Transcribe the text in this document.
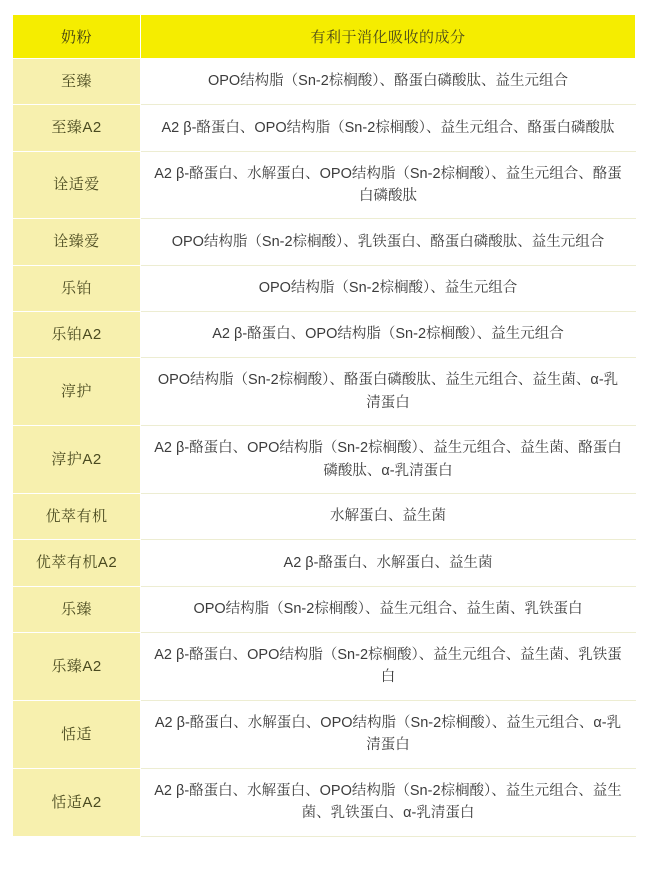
奶粉	有利于消化吸收的成分
至臻	OPO结构脂（Sn-2棕榈酸）、酪蛋白磷酸肽、益生元组合
至臻A2	A2 β-酪蛋白、OPO结构脂（Sn-2棕榈酸）、益生元组合、酪蛋白磷酸肽
诠适爱	A2 β-酪蛋白、水解蛋白、OPO结构脂（Sn-2棕榈酸）、益生元组合、酪蛋白磷酸肽
诠臻爱	OPO结构脂（Sn-2棕榈酸）、乳铁蛋白、酪蛋白磷酸肽、益生元组合
乐铂	OPO结构脂（Sn-2棕榈酸）、益生元组合
乐铂A2	A2 β-酪蛋白、OPO结构脂（Sn-2棕榈酸）、益生元组合
淳护	OPO结构脂（Sn-2棕榈酸）、酪蛋白磷酸肽、益生元组合、益生菌、α-乳清蛋白
淳护A2	A2 β-酪蛋白、OPO结构脂（Sn-2棕榈酸）、益生元组合、益生菌、酪蛋白磷酸肽、α-乳清蛋白
优萃有机	水解蛋白、益生菌
优萃有机A2	A2 β-酪蛋白、水解蛋白、益生菌
乐臻	OPO结构脂（Sn-2棕榈酸）、益生元组合、益生菌、乳铁蛋白
乐臻A2	A2 β-酪蛋白、OPO结构脂（Sn-2棕榈酸）、益生元组合、益生菌、乳铁蛋白
恬适	A2 β-酪蛋白、水解蛋白、OPO结构脂（Sn-2棕榈酸）、益生元组合、α-乳清蛋白
恬适A2	A2 β-酪蛋白、水解蛋白、OPO结构脂（Sn-2棕榈酸）、益生元组合、益生菌、乳铁蛋白、α-乳清蛋白
